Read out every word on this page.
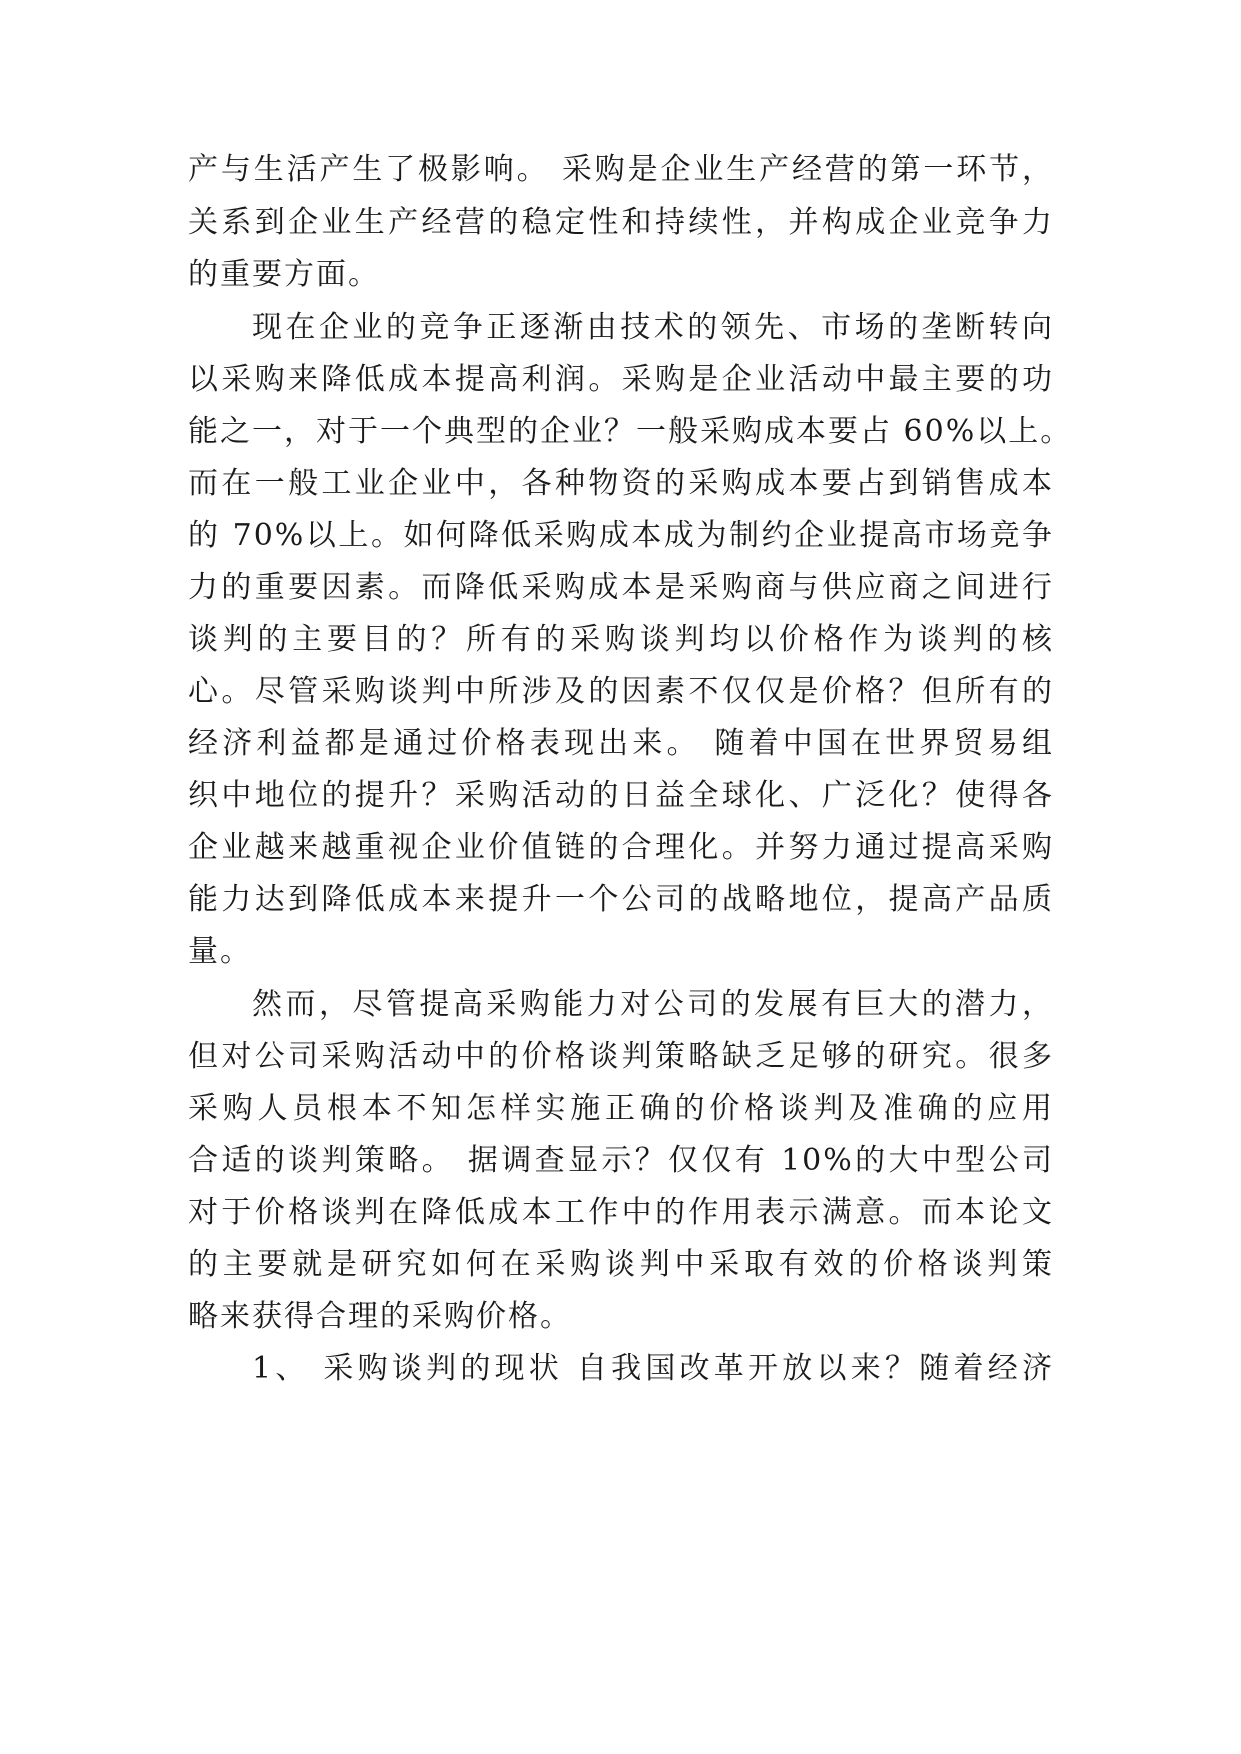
产与生活产生了极影响。 采购是企业生产经营的第一环节，
关系到企业生产经营的稳定性和持续性，并构成企业竞争力
的重要方面。
现在企业的竞争正逐渐由技术的领先、市场的垄断转向
以采购来降低成本提高利润。采购是企业活动中最主要的功
能之一，对于一个典型的企业？一般采购成本要占 60%以上。
而在一般工业企业中，各种物资的采购成本要占到销售成本
的 70%以上。如何降低采购成本成为制约企业提高市场竞争
力的重要因素。而降低采购成本是采购商与供应商之间进行
谈判的主要目的？所有的采购谈判均以价格作为谈判的核
心。尽管采购谈判中所涉及的因素不仅仅是价格？但所有的
经济利益都是通过价格表现出来。 随着中国在世界贸易组
织中地位的提升？采购活动的日益全球化、广泛化？使得各
企业越来越重视企业价值链的合理化。并努力通过提高采购
能力达到降低成本来提升一个公司的战略地位，提高产品质
量。
然而，尽管提高采购能力对公司的发展有巨大的潜力，
但对公司采购活动中的价格谈判策略缺乏足够的研究。很多
采购人员根本不知怎样实施正确的价格谈判及准确的应用
合适的谈判策略。 据调查显示？仅仅有 10%的大中型公司
对于价格谈判在降低成本工作中的作用表示满意。而本论文
的主要就是研究如何在采购谈判中采取有效的价格谈判策
略来获得合理的采购价格。
1、 采购谈判的现状 自我国改革开放以来？随着经济
